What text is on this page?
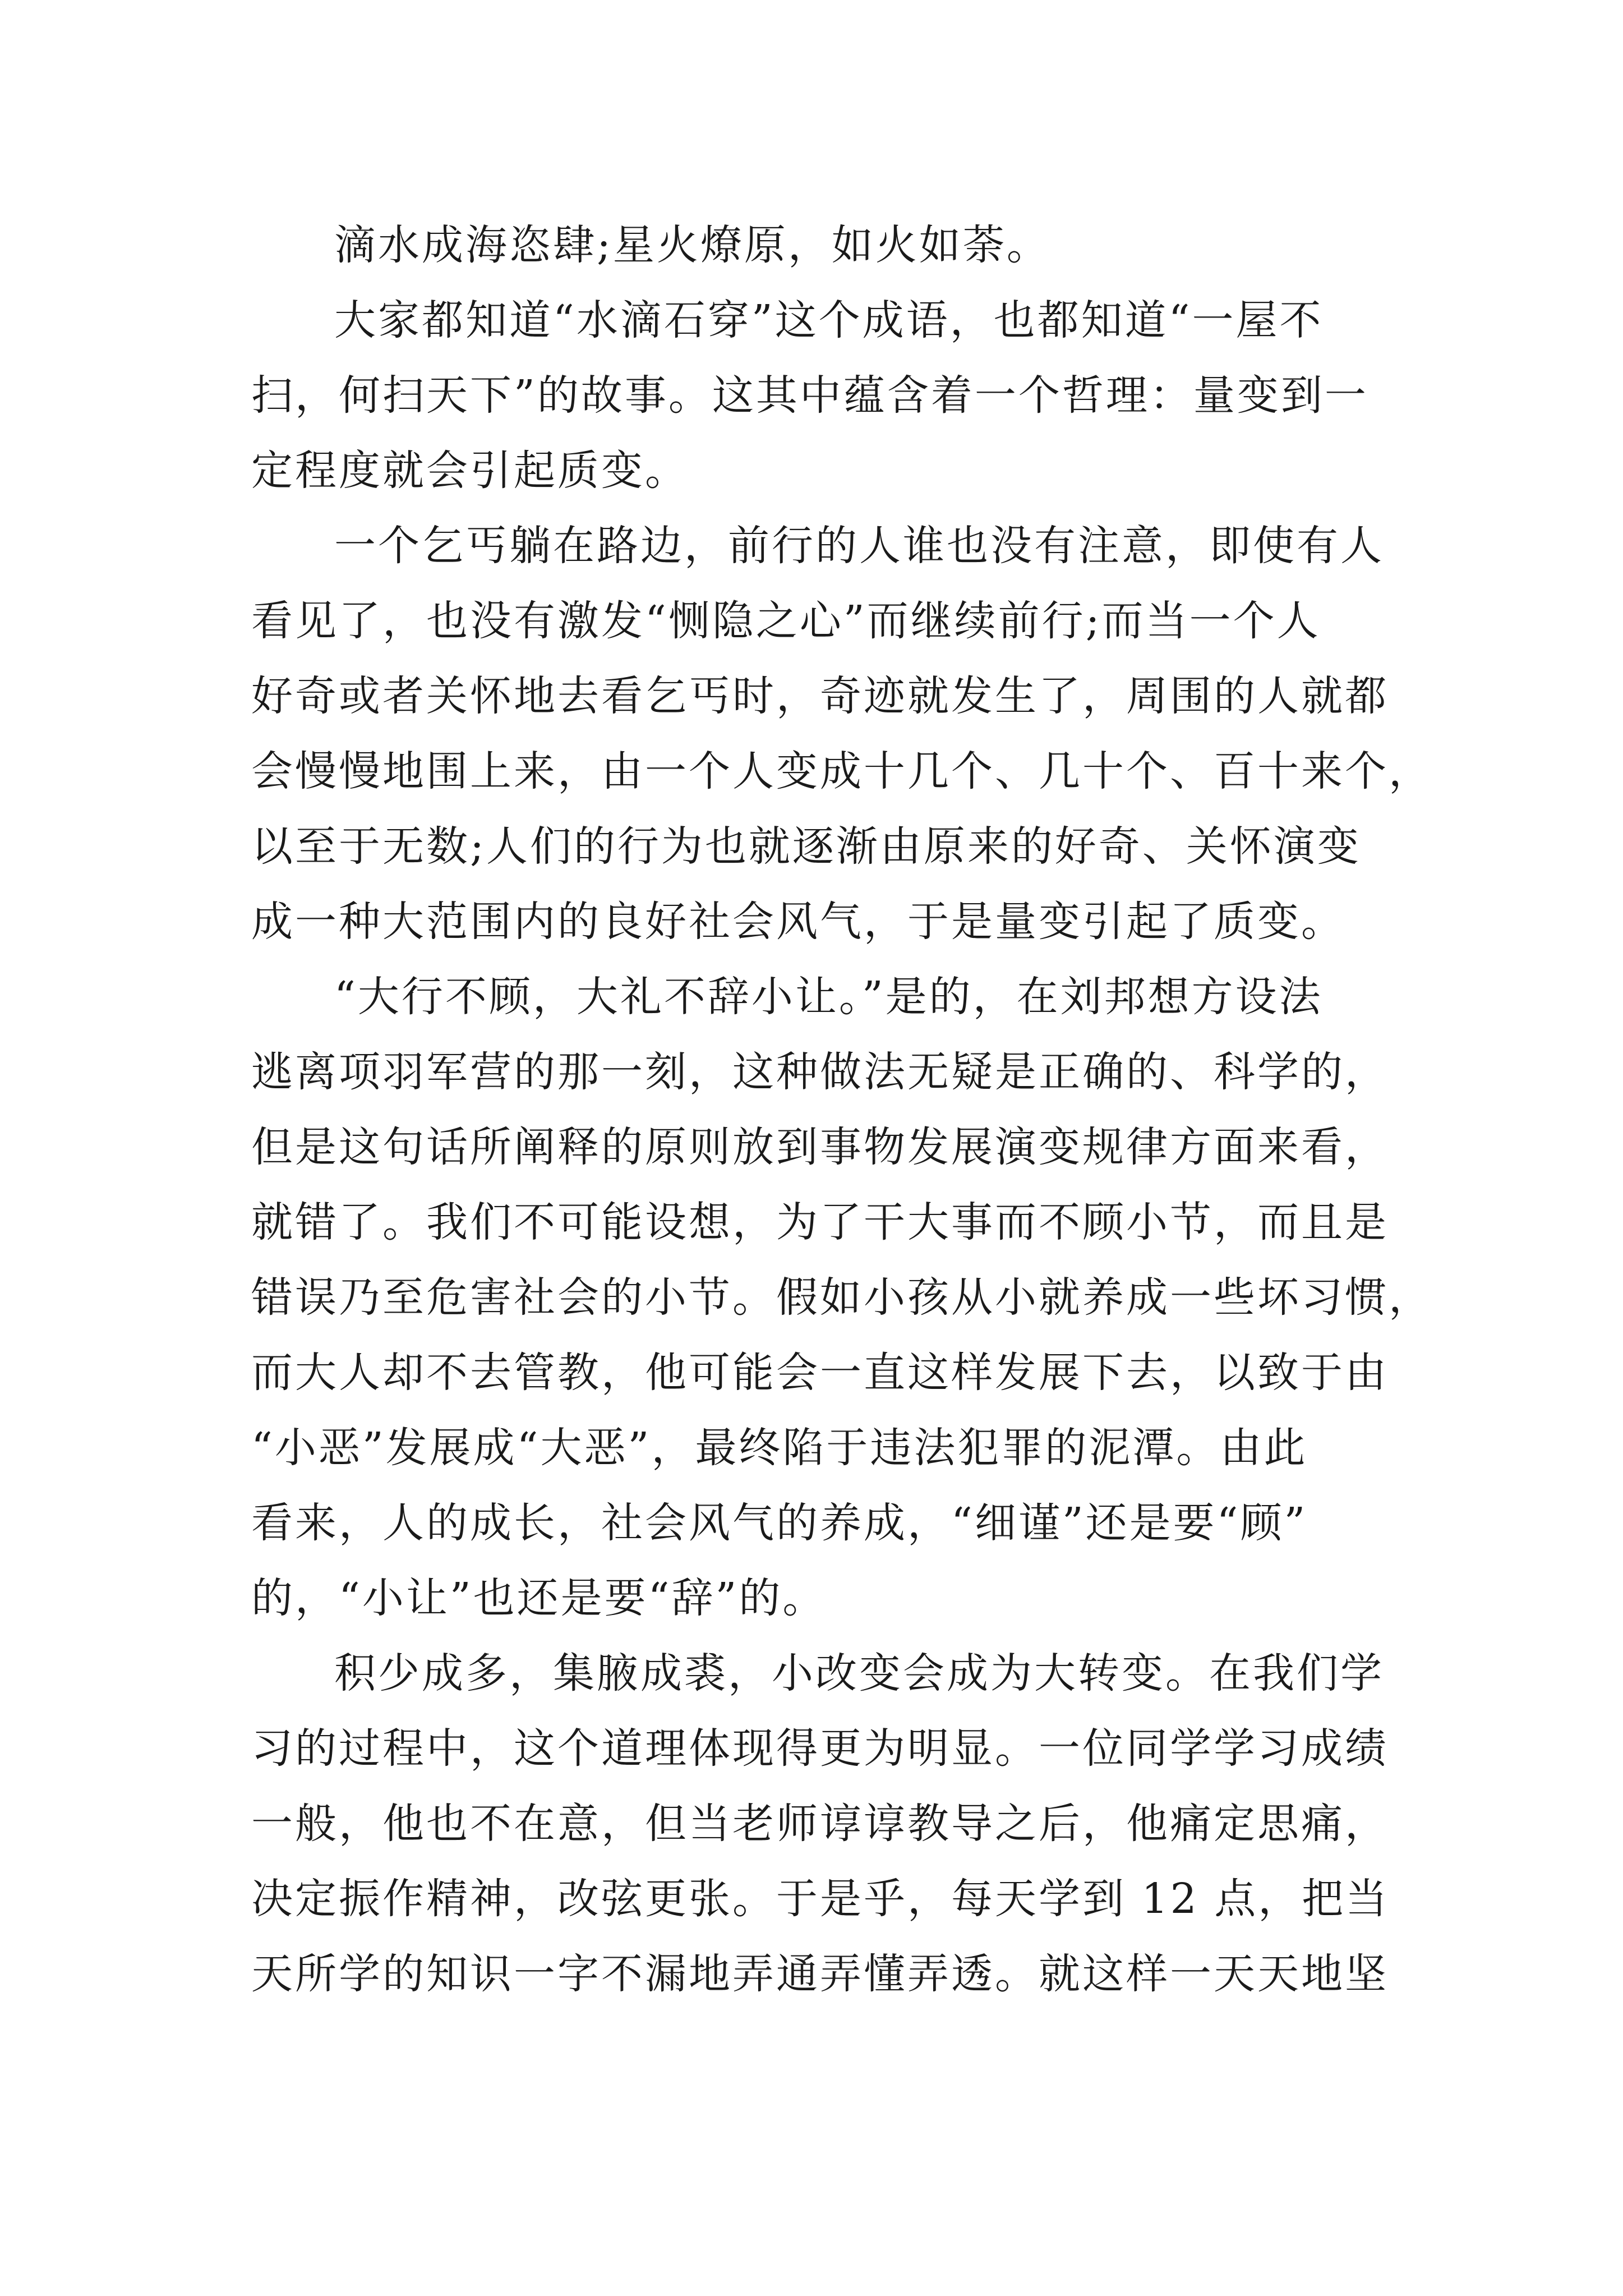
滴水成海恣肆;星火燎原，如火如荼。
大家都知道“水滴石穿”这个成语，也都知道“一屋不
扫，何扫天下”的故事。这其中蕴含着一个哲理：量变到一
定程度就会引起质变。
一个乞丐躺在路边，前行的人谁也没有注意，即使有人
看见了，也没有激发“恻隐之心”而继续前行;而当一个人
好奇或者关怀地去看乞丐时，奇迹就发生了，周围的人就都
会慢慢地围上来，由一个人变成十几个、几十个、百十来个，
以至于无数;人们的行为也就逐渐由原来的好奇、关怀演变
成一种大范围内的良好社会风气，于是量变引起了质变。
“大行不顾，大礼不辞小让。”是的，在刘邦想方设法
逃离项羽军营的那一刻，这种做法无疑是正确的、科学的，
但是这句话所阐释的原则放到事物发展演变规律方面来看，
就错了。我们不可能设想，为了干大事而不顾小节，而且是
错误乃至危害社会的小节。假如小孩从小就养成一些坏习惯，
而大人却不去管教，他可能会一直这样发展下去，以致于由
“小恶”发展成“大恶”，最终陷于违法犯罪的泥潭。由此
看来，人的成长，社会风气的养成，“细谨”还是要“顾”
的，“小让”也还是要“辞”的。
积少成多，集腋成裘，小改变会成为大转变。在我们学
习的过程中，这个道理体现得更为明显。一位同学学习成绩
一般，他也不在意，但当老师谆谆教导之后，他痛定思痛，
决定振作精神，改弦更张。于是乎，每天学到 12 点，把当
天所学的知识一字不漏地弄通弄懂弄透。就这样一天天地坚
